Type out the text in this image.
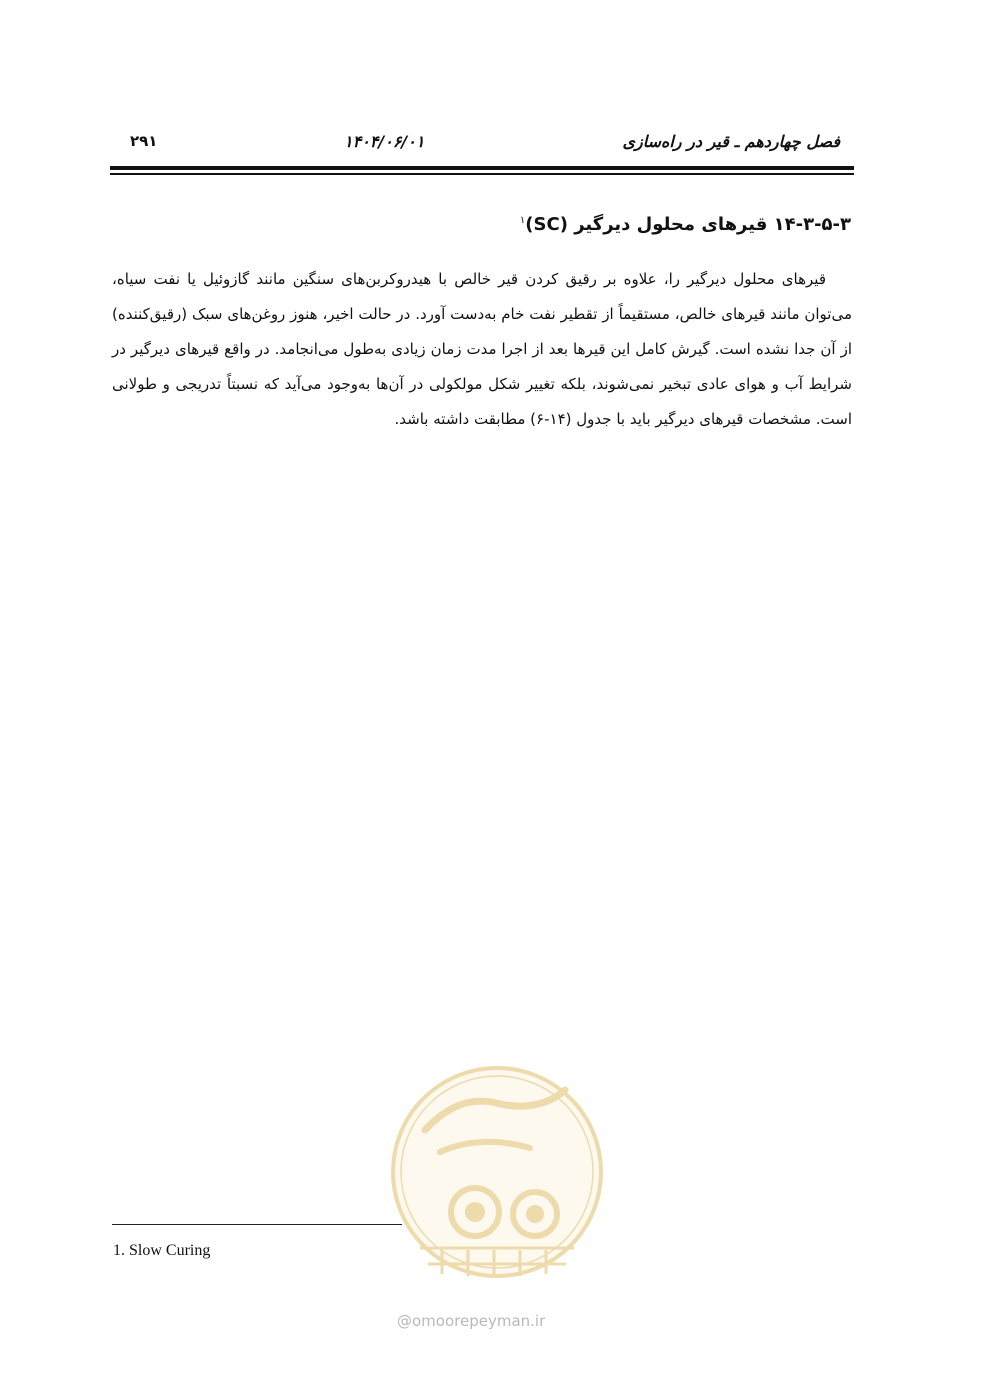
فصل چهاردهم ـ قیر در راه‌سازی
۱۴۰۴/۰۶/۰۱
۲۹۱
۱۴-۳-۵-۳ قیرهای محلول دیرگیر (SC)$^۱$

قیرهای محلول دیرگیر را، علاوه بر رقیق کردن قیر خالص با هیدروکربن‌های سنگین مانند گازوئیل یا نفت سیاه، می‌توان مانند قیرهای خالص، مستقیماً از تقطیر نفت خام به‌دست آورد. در حالت اخیر، هنوز روغن‌های سبک (رقیق‌کننده) از آن جدا نشده است. گیرش کامل این قیرها بعد از اجرا مدت زمان زیادی به‌طول می‌انجامد. در واقع قیرهای دیرگیر در شرایط آب و هوای عادی تبخیر نمی‌شوند، بلکه تغییر شکل مولکولی در آن‌ها به‌وجود می‌آید که نسبتاً تدریجی و طولانی است. مشخصات قیرهای دیرگیر باید با جدول (۱۴-۶) مطابقت داشته باشد.

@omoorepeyman.ir
1. Slow Curing
